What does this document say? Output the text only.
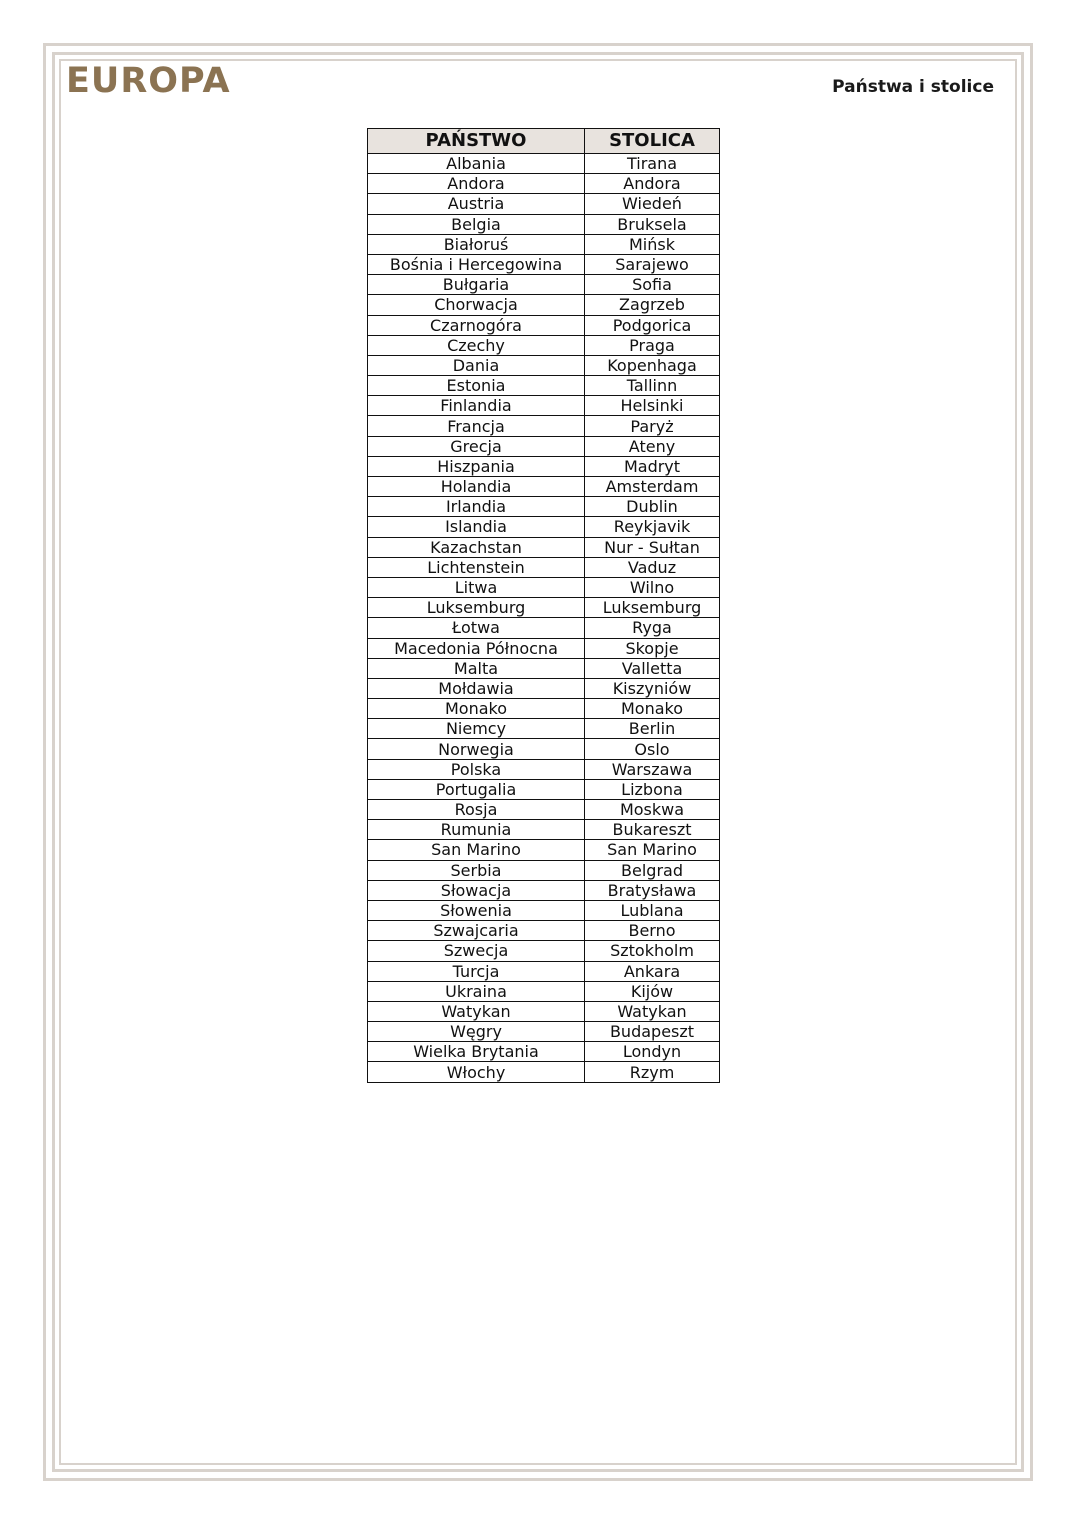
EUROPA	Państwa i stolice
PAŃSTWO	STOLICA
Albania	Tirana
Andora	Andora
Austria	Wiedeń
Belgia	Bruksela
Białoruś	Mińsk
Bośnia i Hercegowina	Sarajewo
Bułgaria	Sofia
Chorwacja	Zagrzeb
Czarnogóra	Podgorica
Czechy	Praga
Dania	Kopenhaga
Estonia	Tallinn
Finlandia	Helsinki
Francja	Paryż
Grecja	Ateny
Hiszpania	Madryt
Holandia	Amsterdam
Irlandia	Dublin
Islandia	Reykjavik
Kazachstan	Nur - Sułtan
Lichtenstein	Vaduz
Litwa	Wilno
Luksemburg	Luksemburg
Łotwa	Ryga
Macedonia Północna	Skopje
Malta	Valletta
Mołdawia	Kiszyniów
Monako	Monako
Niemcy	Berlin
Norwegia	Oslo
Polska	Warszawa
Portugalia	Lizbona
Rosja	Moskwa
Rumunia	Bukareszt
San Marino	San Marino
Serbia	Belgrad
Słowacja	Bratysława
Słowenia	Lublana
Szwajcaria	Berno
Szwecja	Sztokholm
Turcja	Ankara
Ukraina	Kijów
Watykan	Watykan
Węgry	Budapeszt
Wielka Brytania	Londyn
Włochy	Rzym
